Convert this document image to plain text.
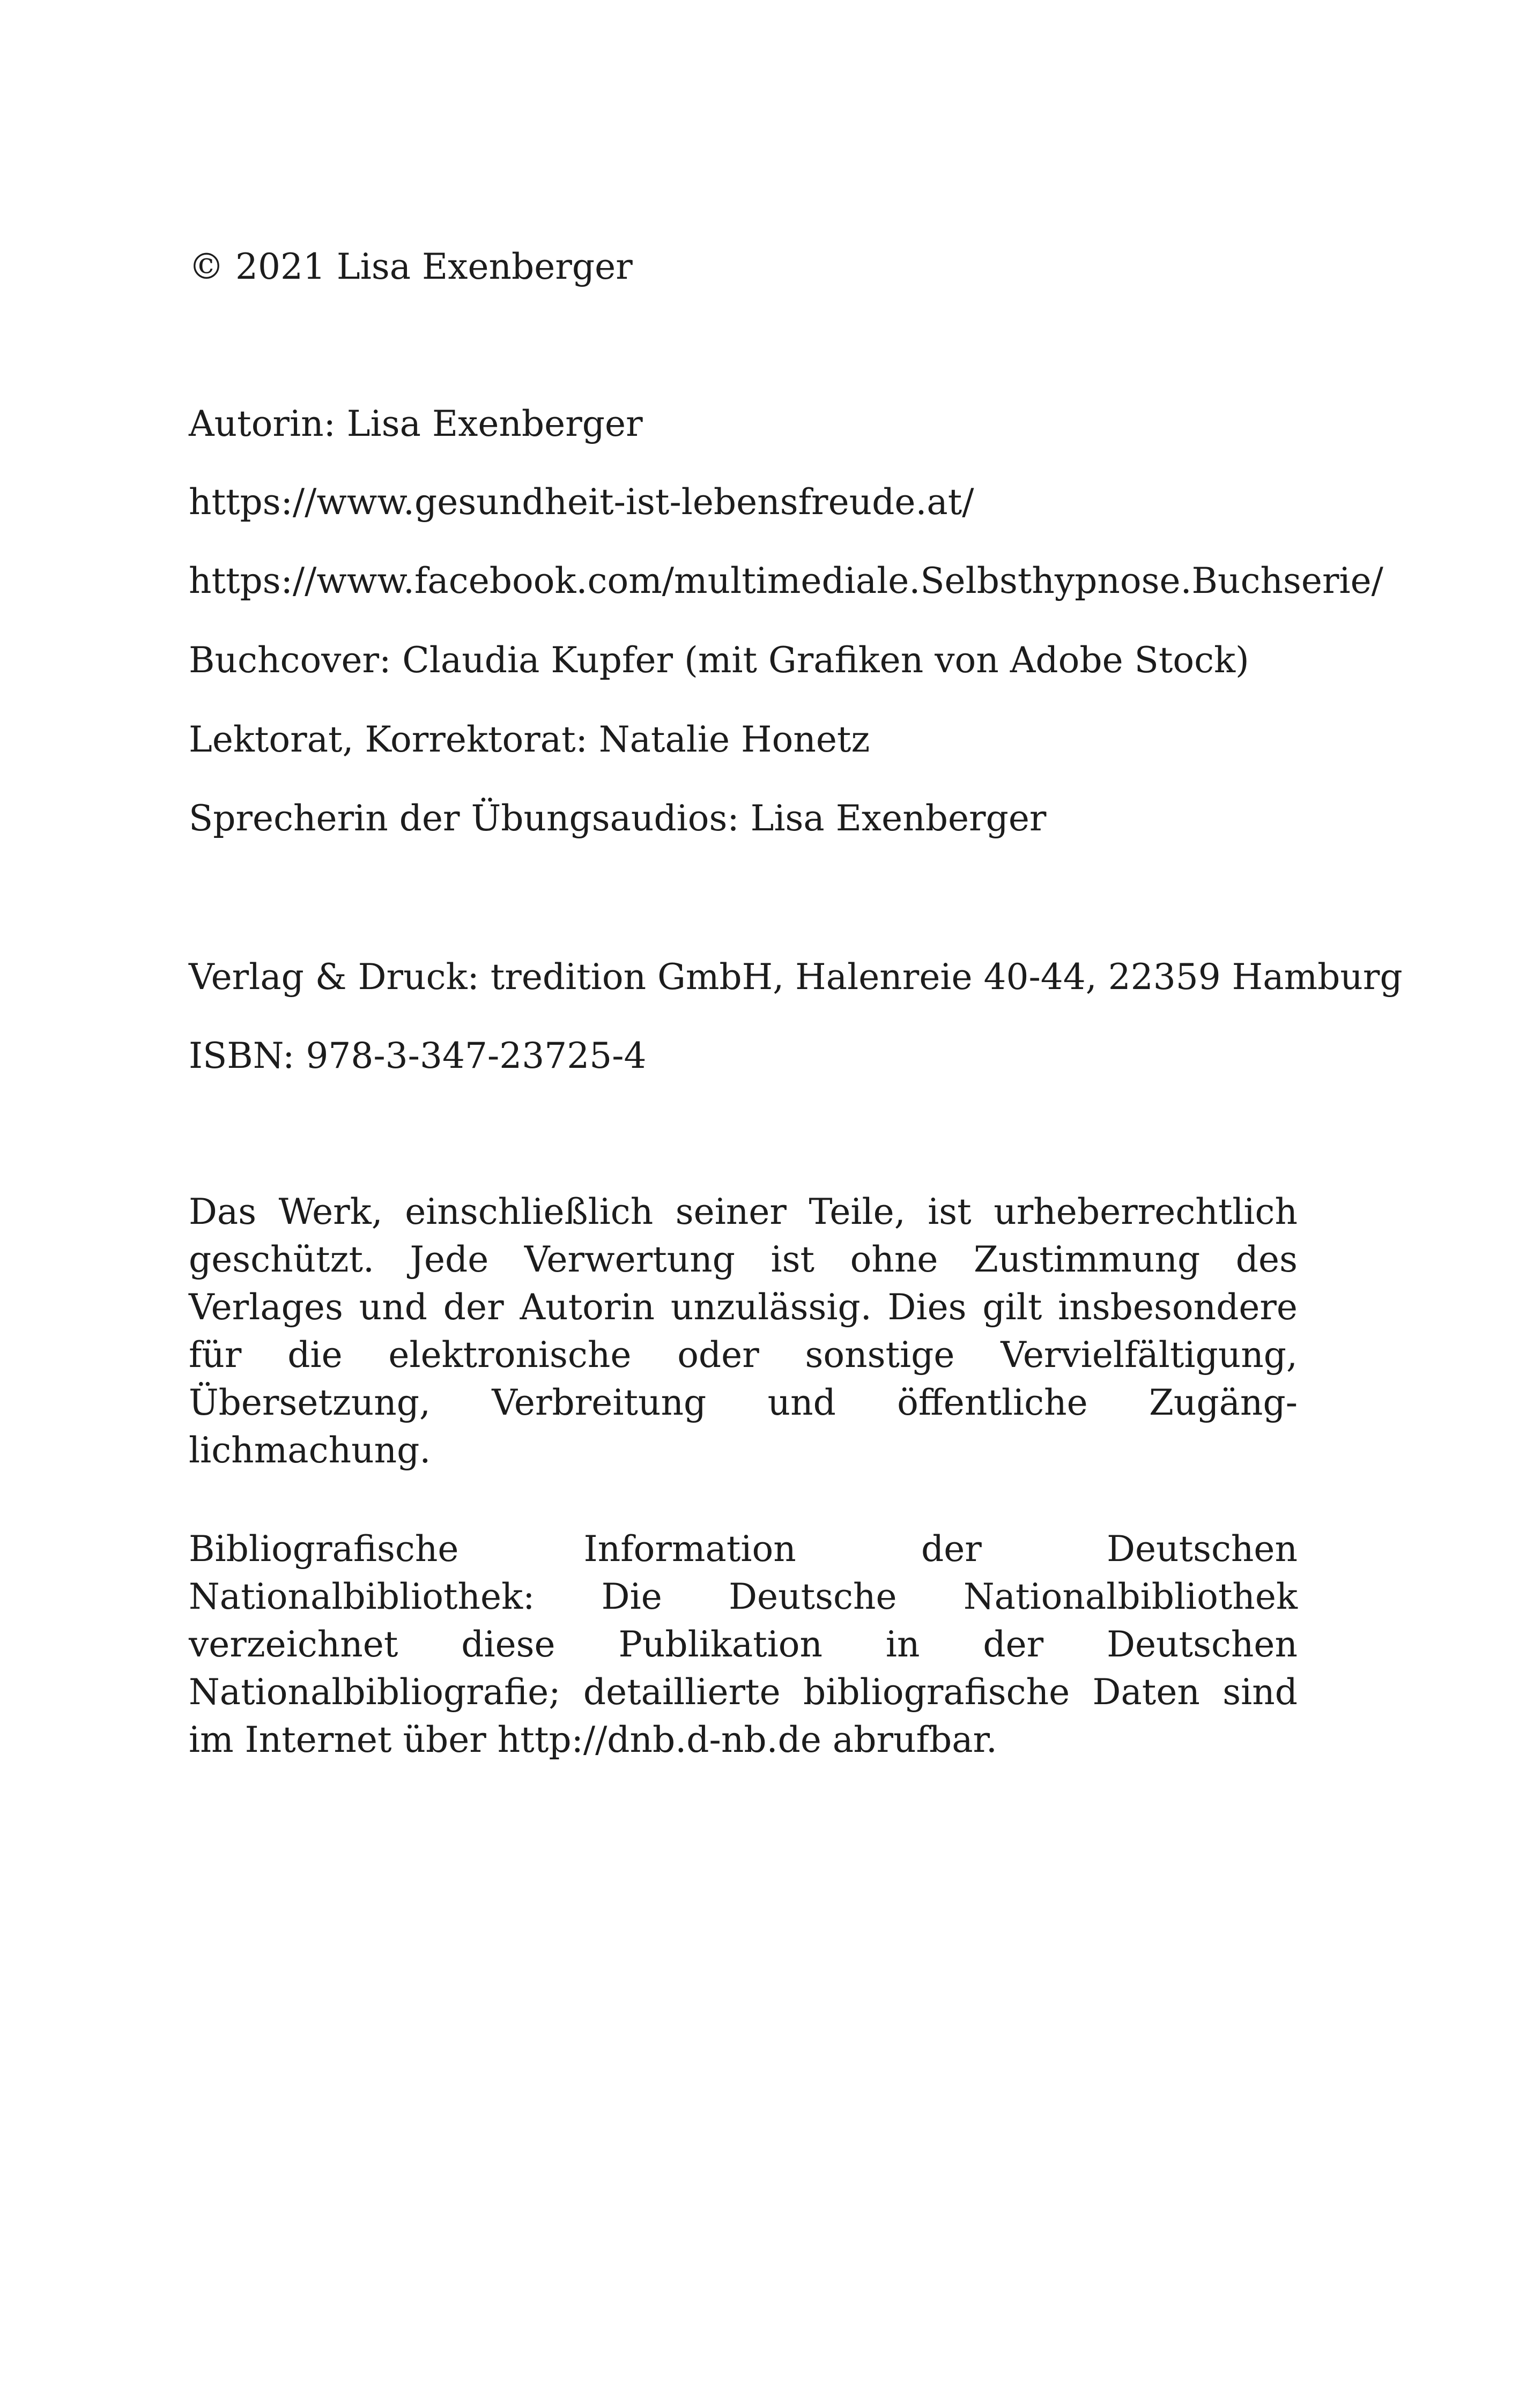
© 2021 Lisa Exenberger
Autorin: Lisa Exenberger
https://www.gesundheit-ist-lebensfreude.at/
https://www.facebook.com/multimediale.Selbsthypnose.Buchserie/
Buchcover: Claudia Kupfer (mit Grafiken von Adobe Stock)
Lektorat, Korrektorat: Natalie Honetz
Sprecherin der Übungsaudios: Lisa Exenberger
Verlag & Druck: tredition GmbH, Halenreie 40-44, 22359 Hamburg
ISBN: 978-3-347-23725-4
Das Werk, einschließlich seiner Teile, ist urheberrechtlich geschützt. Jede Verwertung ist ohne Zustimmung des Verlages und der Autorin unzulässig. Dies gilt insbesondere für die elektronische oder sonstige Vervielfältigung, Übersetzung, Verbreitung und öffentliche Zugäng-lichmachung.
Bibliografische Information der Deutschen Nationalbibliothek: Die Deutsche Nationalbibliothek verzeichnet diese Publikation in der Deutschen Nationalbibliografie; detaillierte bibliografische Daten sind im Internet über http://dnb.d-nb.de abrufbar.
